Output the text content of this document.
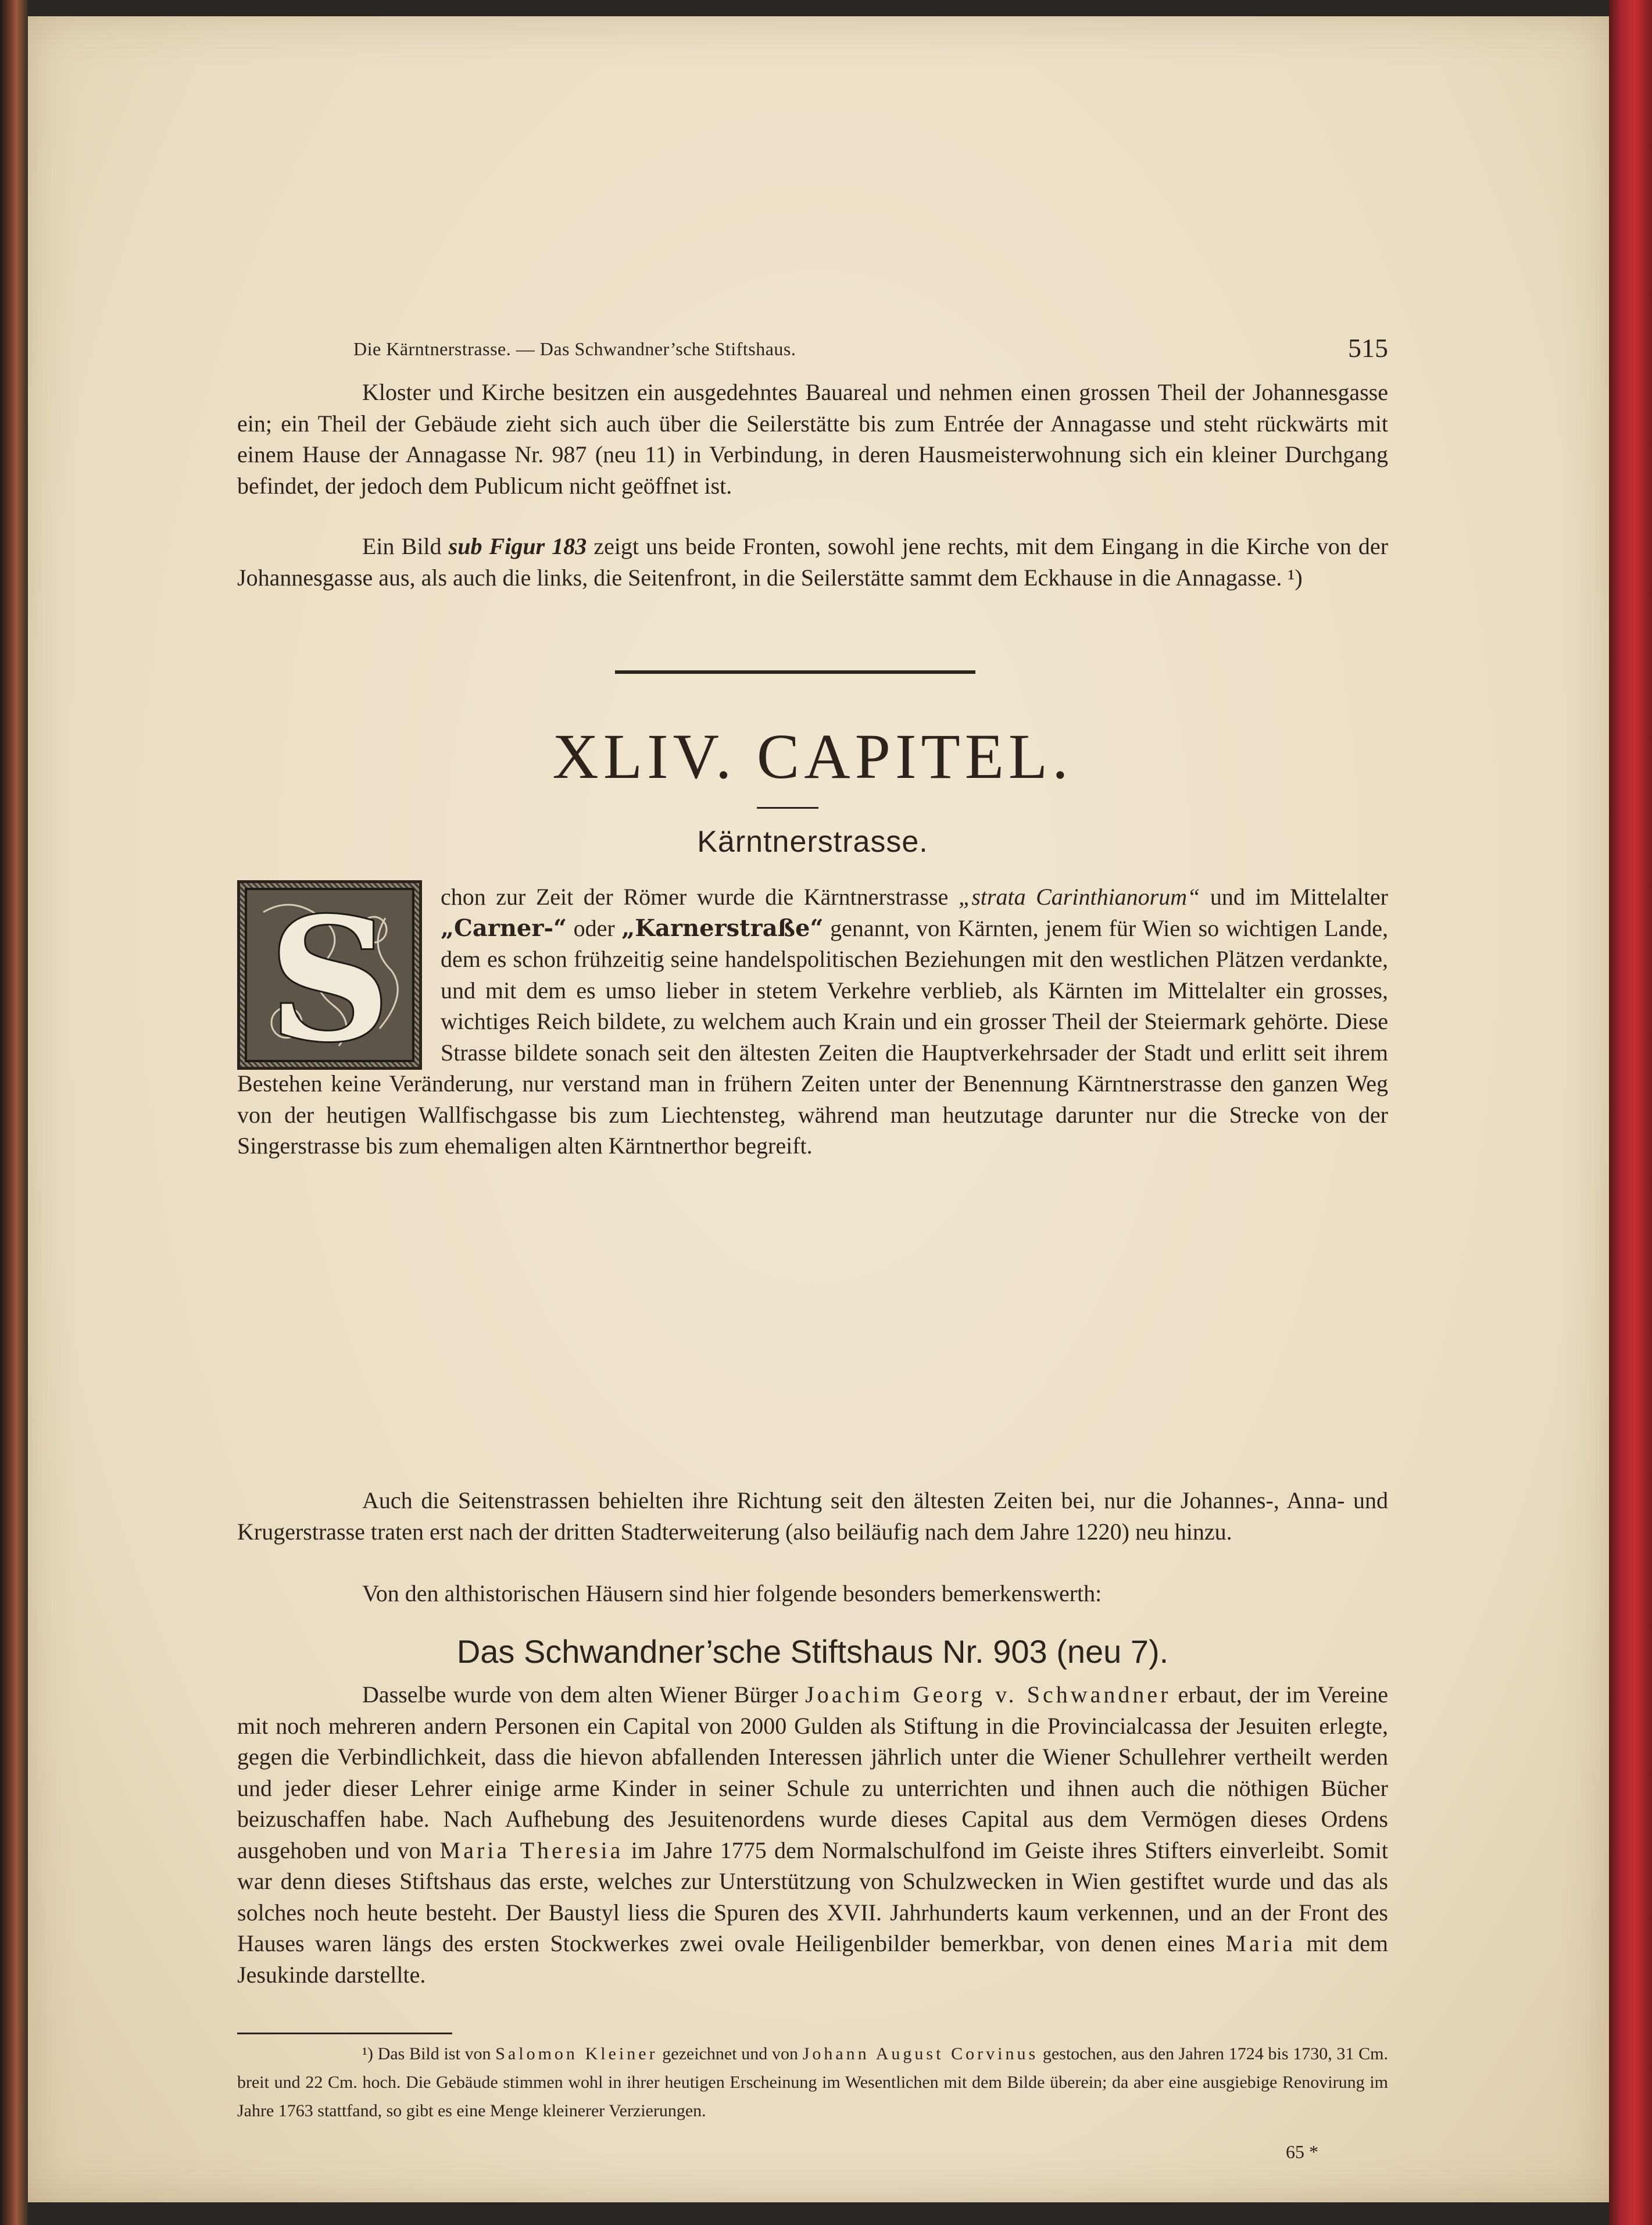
Die Kärntnerstrasse. — Das Schwandner’sche Stiftshaus.	515

Kloster und Kirche besitzen ein ausgedehntes Bauareal und nehmen einen grossen Theil der Johannesgasse ein; ein Theil der Gebäude zieht sich auch über die Seilerstätte bis zum Entrée der Annagasse und steht rückwärts mit einem Hause der Annagasse Nr. 987 (neu 11) in Verbindung, in deren Hausmeisterwohnung sich ein kleiner Durchgang befindet, der jedoch dem Publicum nicht geöffnet ist.

Ein Bild sub Figur 183 zeigt uns beide Fronten, sowohl jene rechts, mit dem Eingang in die Kirche von der Johannesgasse aus, als auch die links, die Seitenfront, in die Seilerstätte sammt dem Eckhause in die Annagasse. ¹)

XLIV. CAPITEL.
Kärntnerstrasse.
S	chon zur Zeit der Römer wurde die Kärntnerstrasse „strata Carinthianorum“ und im Mittelalter „Carner-“ oder „Karnerstraße“ genannt, von Kärnten, jenem für Wien so wichtigen Lande, dem es schon frühzeitig seine handelspolitischen Beziehungen mit den westlichen Plätzen verdankte, und mit dem es umso lieber in stetem Verkehre verblieb, als Kärnten im Mittelalter ein grosses, wichtiges Reich bildete, zu welchem auch Krain und ein grosser Theil der Steiermark gehörte. Diese Strasse bildete sonach seit den ältesten Zeiten die Hauptverkehrsader der Stadt und erlitt seit ihrem Bestehen keine Veränderung, nur verstand man in frühern Zeiten unter der Benennung Kärntnerstrasse den ganzen Weg von der heutigen Wallfischgasse bis zum Liechtensteg, während man heutzutage darunter nur die Strecke von der Singerstrasse bis zum ehemaligen alten Kärntnerthor begreift.

Auch die Seitenstrassen behielten ihre Richtung seit den ältesten Zeiten bei, nur die Johannes-, Anna- und Krugerstrasse traten erst nach der dritten Stadterweiterung (also beiläufig nach dem Jahre 1220) neu hinzu.

Von den althistorischen Häusern sind hier folgende besonders bemerkenswerth:

Das Schwandner’sche Stiftshaus Nr. 903 (neu 7).

Dasselbe wurde von dem alten Wiener Bürger Joachim Georg v. Schwandner erbaut, der im Vereine mit noch mehreren andern Personen ein Capital von 2000 Gulden als Stiftung in die Provincialcassa der Jesuiten erlegte, gegen die Verbindlichkeit, dass die hievon abfallenden Interessen jährlich unter die Wiener Schullehrer vertheilt werden und jeder dieser Lehrer einige arme Kinder in seiner Schule zu unterrichten und ihnen auch die nöthigen Bücher beizuschaffen habe. Nach Aufhebung des Jesuitenordens wurde dieses Capital aus dem Vermögen dieses Ordens ausgehoben und von Maria Theresia im Jahre 1775 dem Normalschulfond im Geiste ihres Stifters einverleibt. Somit war denn dieses Stiftshaus das erste, welches zur Unterstützung von Schulzwecken in Wien gestiftet wurde und das als solches noch heute besteht. Der Baustyl liess die Spuren des XVII. Jahrhunderts kaum verkennen, und an der Front des Hauses waren längs des ersten Stockwerkes zwei ovale Heiligenbilder bemerkbar, von denen eines Maria mit dem Jesukinde darstellte.

¹) Das Bild ist von Salomon Kleiner gezeichnet und von Johann August Corvinus gestochen, aus den Jahren 1724 bis 1730, 31 Cm. breit und 22 Cm. hoch. Die Gebäude stimmen wohl in ihrer heutigen Erscheinung im Wesentlichen mit dem Bilde überein; da aber eine ausgiebige Renovirung im Jahre 1763 stattfand, so gibt es eine Menge kleinerer Verzierungen.

65 *
